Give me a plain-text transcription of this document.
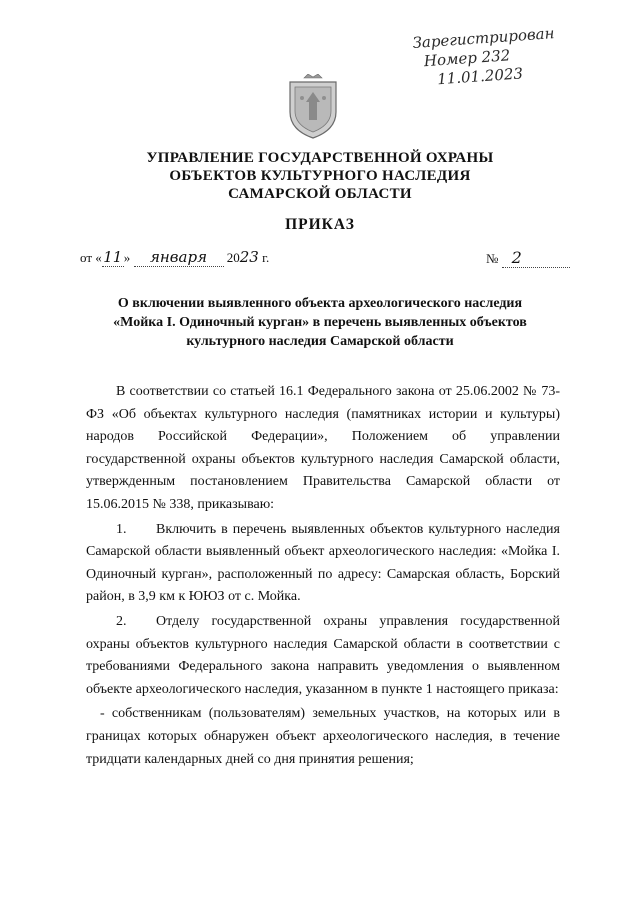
Зарегистрирован
Номер 232
11.01.2023
УПРАВЛЕНИЕ ГОСУДАРСТВЕННОЙ ОХРАНЫ
ОБЪЕКТОВ КУЛЬТУРНОГО НАСЛЕДИЯ
САМАРСКОЙ ОБЛАСТИ
ПРИКАЗ
от «11» января 2023 г.	№ 2
О включении выявленного объекта археологического наследия
«Мойка I. Одиночный курган» в перечень выявленных объектов
культурного наследия Самарской области

В соответствии со статьей 16.1 Федерального закона от 25.06.2002 № 73-ФЗ «Об объектах культурного наследия (памятниках истории и культуры) народов Российской Федерации», Положением об управлении государственной охраны объектов культурного наследия Самарской области, утвержденным постановлением Правительства Самарской области от 15.06.2015 № 338, приказываю:

1. Включить в перечень выявленных объектов культурного наследия Самарской области выявленный объект археологического наследия: «Мойка I. Одиночный курган», расположенный по адресу: Самарская область, Борский район, в 3,9 км к ЮЮЗ от с. Мойка.

2. Отделу государственной охраны управления государственной охраны объектов культурного наследия Самарской области в соответствии с требованиями Федерального закона направить уведомления о выявленном объекте археологического наследия, указанном в пункте 1 настоящего приказа:

- собственникам (пользователям) земельных участков, на которых или в границах которых обнаружен объект археологического наследия, в течение тридцати календарных дней со дня принятия решения;
